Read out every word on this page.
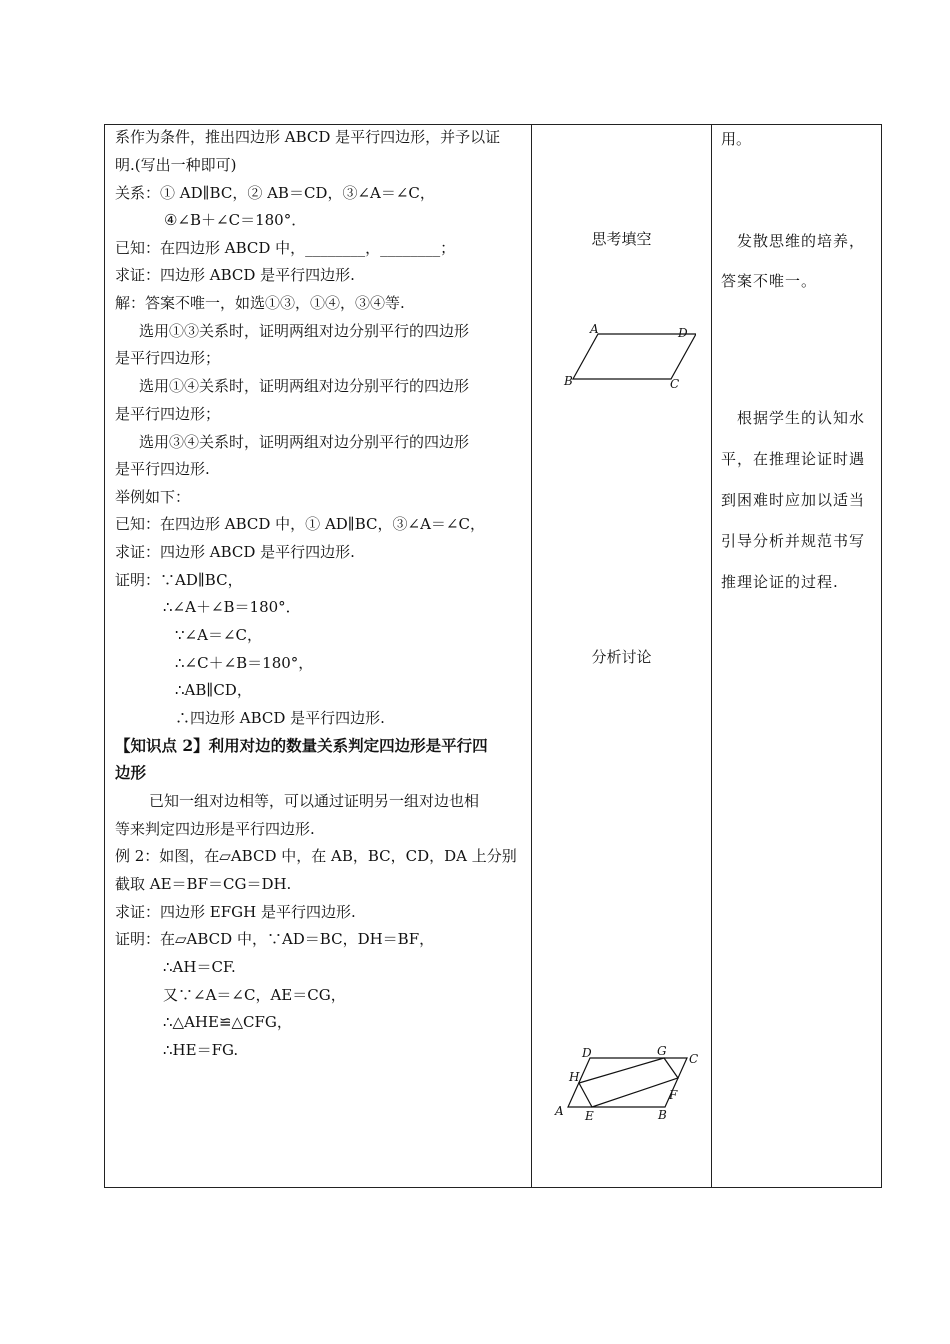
系作为条件，推出四边形 ABCD 是平行四边形，并予以证
明.(写出一种即可)
关系：① AD∥BC，② AB＝CD，③∠A＝∠C，
④∠B＋∠C＝180°．
已知：在四边形 ABCD 中，________，________；
求证：四边形 ABCD 是平行四边形.
解：答案不唯一，如选①③，①④，③④等.
选用①③关系时，证明两组对边分别平行的四边形
是平行四边形；
选用①④关系时，证明两组对边分别平行的四边形
是平行四边形；
选用③④关系时，证明两组对边分别平行的四边形
是平行四边形.
举例如下：
已知：在四边形 ABCD 中，① AD∥BC，③∠A＝∠C，
求证：四边形 ABCD 是平行四边形.
证明：∵AD∥BC，
∴∠A＋∠B＝180°．
∵∠A＝∠C，
∴∠C＋∠B＝180°，
∴AB∥CD，
∴四边形 ABCD 是平行四边形.
【知识点 2】利用对边的数量关系判定四边形是平行四
边形
已知一组对边相等，可以通过证明另一组对边也相
等来判定四边形是平行四边形.
例 2：如图，在▱ABCD 中，在 AB，BC，CD，DA 上分别
截取 AE＝BF＝CG＝DH.
求证：四边形 EFGH 是平行四边形.
证明：在▱ABCD 中，∵AD＝BC，DH＝BF，
∴AH＝CF.
又∵∠A＝∠C，AE＝CG，
∴△AHE≌△CFG，
∴HE＝FG.
思考填空
A	D
B	C
分析讨论
D	G
C
H
F
A E	B
用。
发散思维的培养，
答案不唯一。
根据学生的认知水
平，在推理论证时遇
到困难时应加以适当
引导分析并规范书写
推理论证的过程.
